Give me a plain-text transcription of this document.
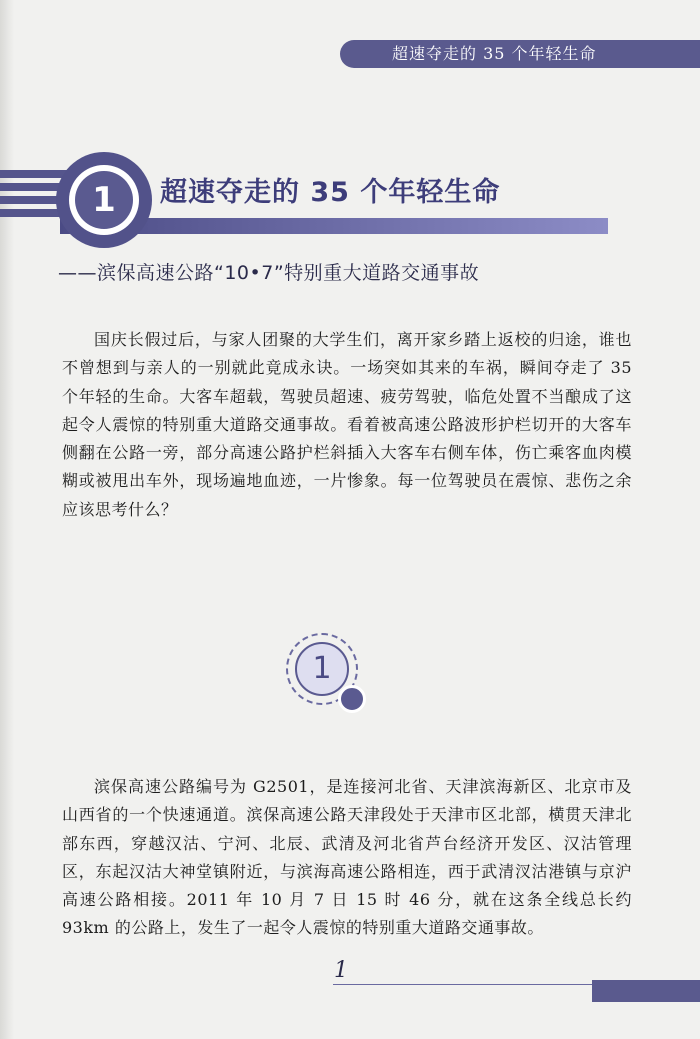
超速夺走的 35 个年轻生命
1	超速夺走的 35 个年轻生命
——滨保高速公路“10•7”特别重大道路交通事故

国庆长假过后，与家人团聚的大学生们，离开家乡踏上返校的归途，谁也不曾想到与亲人的一别就此竟成永诀。一场突如其来的车祸，瞬间夺走了 35 个年轻的生命。大客车超载，驾驶员超速、疲劳驾驶，临危处置不当酿成了这起令人震惊的特别重大道路交通事故。看着被高速公路波形护栏切开的大客车侧翻在公路一旁，部分高速公路护栏斜插入大客车右侧车体，伤亡乘客血肉模糊或被甩出车外，现场遍地血迹，一片惨象。每一位驾驶员在震惊、悲伤之余应该思考什么？

1

滨保高速公路编号为 G2501，是连接河北省、天津滨海新区、北京市及山西省的一个快速通道。滨保高速公路天津段处于天津市区北部，横贯天津北部东西，穿越汉沽、宁河、北辰、武清及河北省芦台经济开发区、汉沽管理区，东起汉沽大神堂镇附近，与滨海高速公路相连，西于武清汊沽港镇与京沪高速公路相接。2011 年 10 月 7 日 15 时 46 分，就在这条全线总长约 93km 的公路上，发生了一起令人震惊的特别重大道路交通事故。

1
